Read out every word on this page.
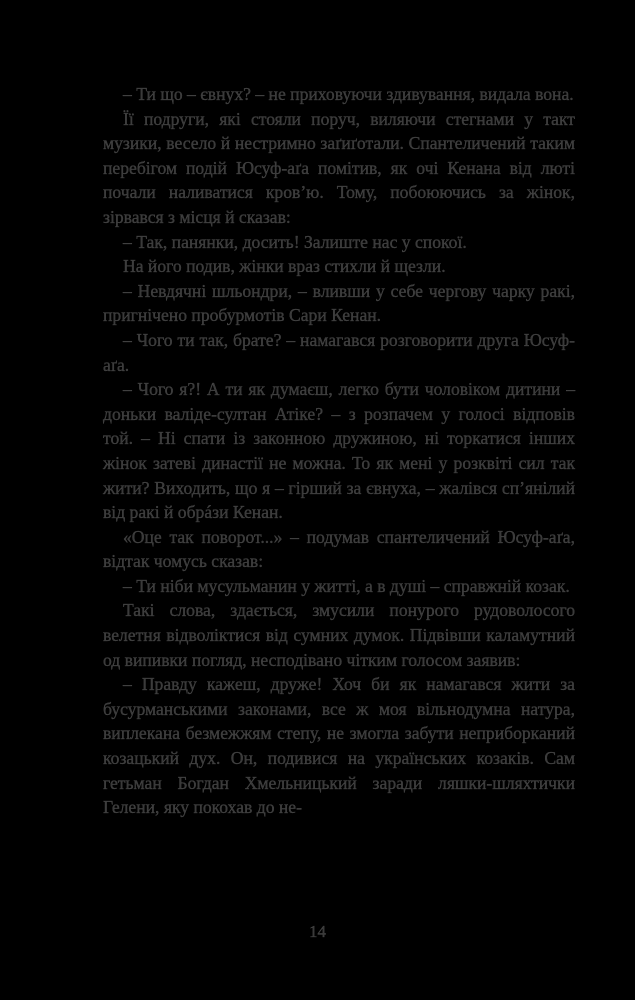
– Ти що – євнух? – не приховуючи здивування, видала вона.

Її подруги, які стояли поруч, виляючи стегнами у такт музики, весело й нестримно заґиґотали. Спантеличений таким перебігом подій Юсуф-аґа помітив, як очі Кенана від люті почали наливатися кров’ю. Тому, побоюючись за жінок, зірвався з місця й сказав:

– Так, панянки, досить! Залиште нас у спокої.

На його подив, жінки враз стихли й щезли.

– Невдячні шльондри, – вливши у себе чергову чарку ракі, пригнічено пробурмотів Сари Кенан.

– Чого ти так, брате? – намагався розговорити друга Юсуф-аґа.

– Чого я?! А ти як думаєш, легко бути чоловіком дитини – доньки валіде-султан Атіке? – з розпачем у голосі відповів той. – Ні спати із законною дружиною, ні торкатися інших жінок затеві династії не можна. То як мені у розквіті сил так жити? Виходить, що я – гірший за євнуха, – жалівся сп’янілий від ракі й обрáзи Кенан.

«Оце так поворот...» – подумав спантеличений Юсуф-аґа, відтак чомусь сказав:

– Ти ніби мусульманин у житті, а в душі – справжній козак.

Такі слова, здається, змусили понурого рудоволосого велетня відволіктися від сумних думок. Підвівши каламутний од випивки погляд, несподівано чітким голосом заявив:

– Правду кажеш, друже! Хоч би як намагався жити за бусурманськими законами, все ж моя вільнодумна натура, виплекана безмежжям степу, не змогла забути неприборканий козацький дух. Он, подивися на українських козаків. Сам гетьман Богдан Хмельницький заради ляшки-шляхтички Гелени, яку покохав до не-

14
